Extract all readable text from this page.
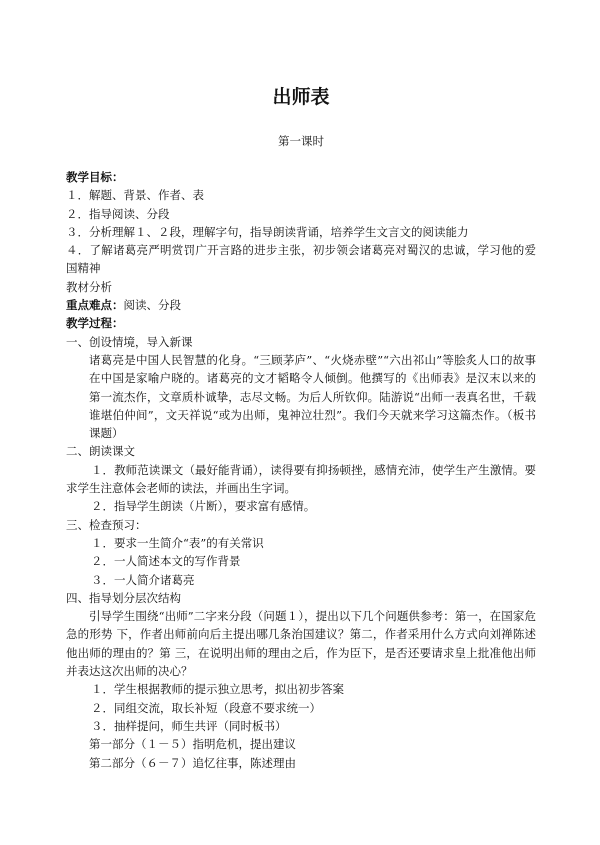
出师表
第一课时
教学目标：
１．解题、背景、作者、表
２．指导阅读、分段
３．分析理解１、２段，理解字句，指导朗读背诵，培养学生文言文的阅读能力
４．了解诸葛亮严明赏罚广开言路的进步主张，初步领会诸葛亮对蜀汉的忠诚，学习他的爱国精神
教材分析
重点难点：阅读、分段
教学过程：
一、创设情境，导入新课
诸葛亮是中国人民智慧的化身。“三顾茅庐”、“火烧赤壁”“六出祁山”等脍炙人口的故事在中国是家喻户晓的。诸葛亮的文才韬略令人倾倒。他撰写的《出师表》是汉末以来的第一流杰作，文章质朴诚挚，志尽文畅。为后人所钦仰。陆游说“出师一表真名世，千载谁堪伯仲间”，文天祥说“或为出师，鬼神泣壮烈”。我们今天就来学习这篇杰作。（板书课题）
二、朗读课文
１．教师范读课文（最好能背诵），读得要有抑扬顿挫，感情充沛，使学生产生激情。要求学生注意体会老师的读法，并画出生字词。
２．指导学生朗读（片断），要求富有感情。
三、检查预习：
１．要求一生简介“表”的有关常识
２．一人简述本文的写作背景
３．一人简介诸葛亮
四、指导划分层次结构
引导学生围绕“出师”二字来分段（问题１），提出以下几个问题供参考：第一，在国家危急的形势 下，作者出师前向后主提出哪几条治国建议？第二，作者采用什么方式向刘禅陈述他出师的理由的？第 三，在说明出师的理由之后，作为臣下，是否还要请求皇上批准他出师并表达这次出师的决心？
１．学生根据教师的提示独立思考，拟出初步答案
２．同组交流，取长补短（段意不要求统一）
３．抽样提问，师生共评（同时板书）
第一部分（１－５）指明危机，提出建议
第二部分（６－７）追忆往事，陈述理由
